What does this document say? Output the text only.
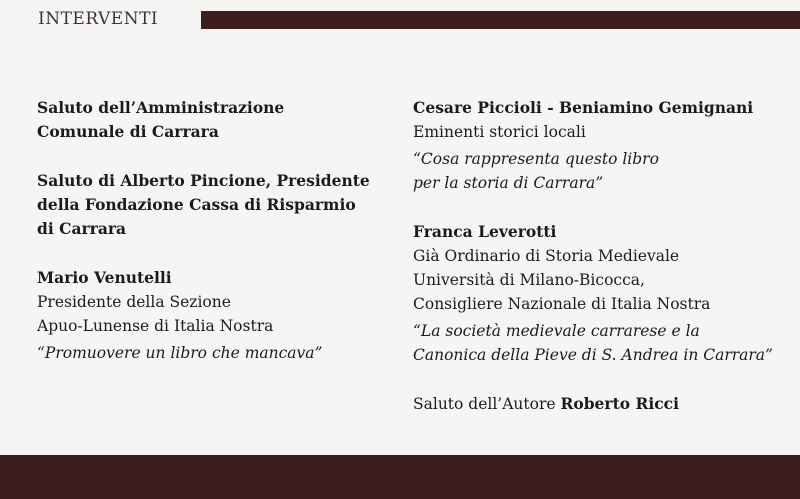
INTERVENTI
Saluto dell’Amministrazione
Comunale di Carrara
Saluto di Alberto Pincione, Presidente
della Fondazione Cassa di Risparmio
di Carrara
Mario Venutelli
Presidente della Sezione
Apuo-Lunense di Italia Nostra
“Promuovere un libro che mancava”
Cesare Piccioli - Beniamino Gemignani
Eminenti storici locali
“Cosa rappresenta questo libro
per la storia di Carrara”
Franca Leverotti
Già Ordinario di Storia Medievale
Università di Milano-Bicocca,
Consigliere Nazionale di Italia Nostra
“La società medievale carrarese e la
Canonica della Pieve di S. Andrea in Carrara”
Saluto dell’Autore Roberto Ricci
